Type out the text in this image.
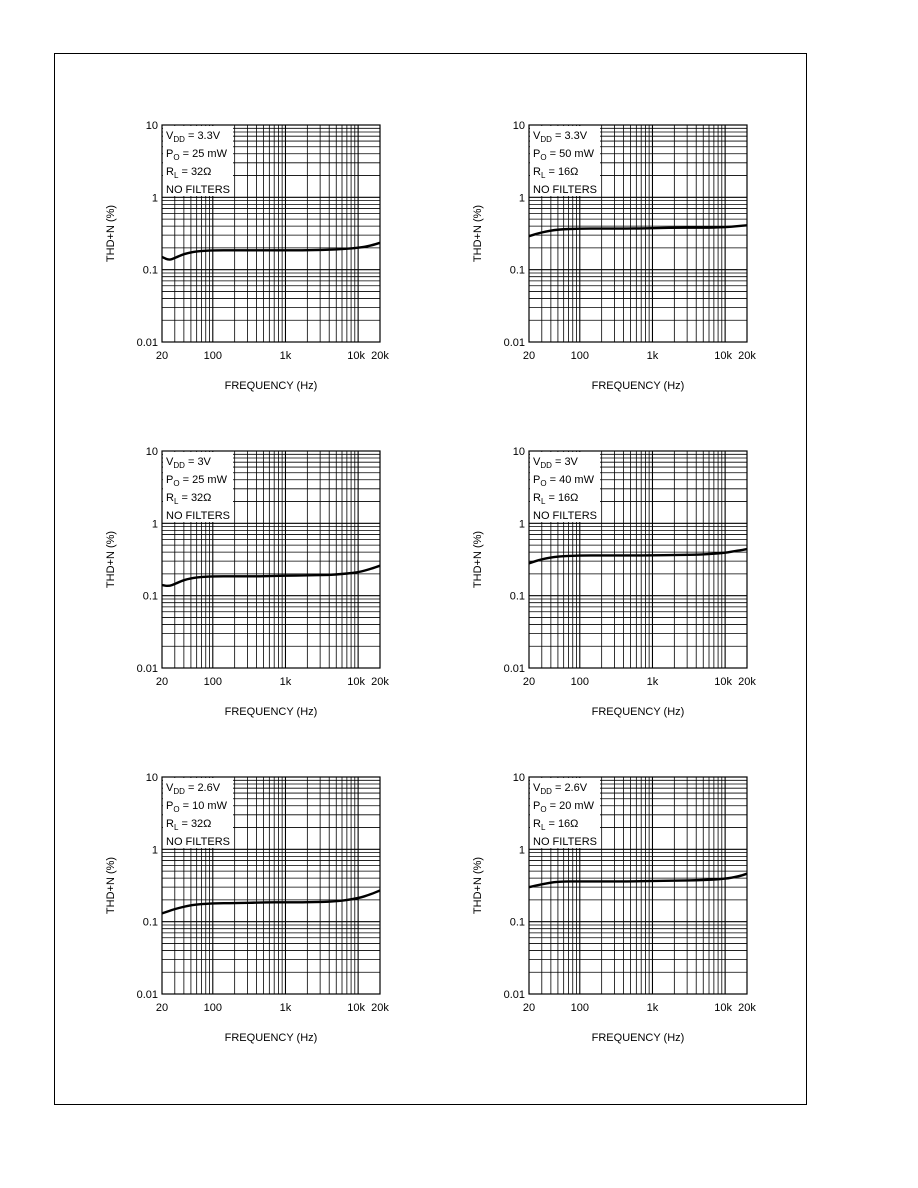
$V_{DD} = 3.3V$
$P_O = 25$ mW
$R_L = 32\Omega$
NO FILTERS
0.01
0.1
1
10
20	100	1k	10k 20k
FREQUENCY (Hz)
THD+N (%)
$V_{DD} = 3.3V$
$P_O = 50$ mW
$R_L = 16\Omega$
NO FILTERS
0.01
0.1
1
10
20	100	1k	10k 20k
FREQUENCY (Hz)
THD+N (%)
$V_{DD} = 3V$
$P_O = 25$ mW
$R_L = 32\Omega$
NO FILTERS
0.01
0.1
1
10
20	100	1k	10k 20k
FREQUENCY (Hz)
THD+N (%)
$V_{DD} = 3V$
$P_O = 40$ mW
$R_L = 16\Omega$
NO FILTERS
0.01
0.1
1
10
20	100	1k	10k 20k
FREQUENCY (Hz)
THD+N (%)
$V_{DD} = 2.6V$
$P_O = 10$ mW
$R_L = 32\Omega$
NO FILTERS
0.01
0.1
1
10
20	100	1k	10k 20k
FREQUENCY (Hz)
THD+N (%)
$V_{DD} = 2.6V$
$P_O = 20$ mW
$R_L = 16\Omega$
NO FILTERS
0.01
0.1
1
10
20	100	1k	10k 20k
FREQUENCY (Hz)
THD+N (%)
